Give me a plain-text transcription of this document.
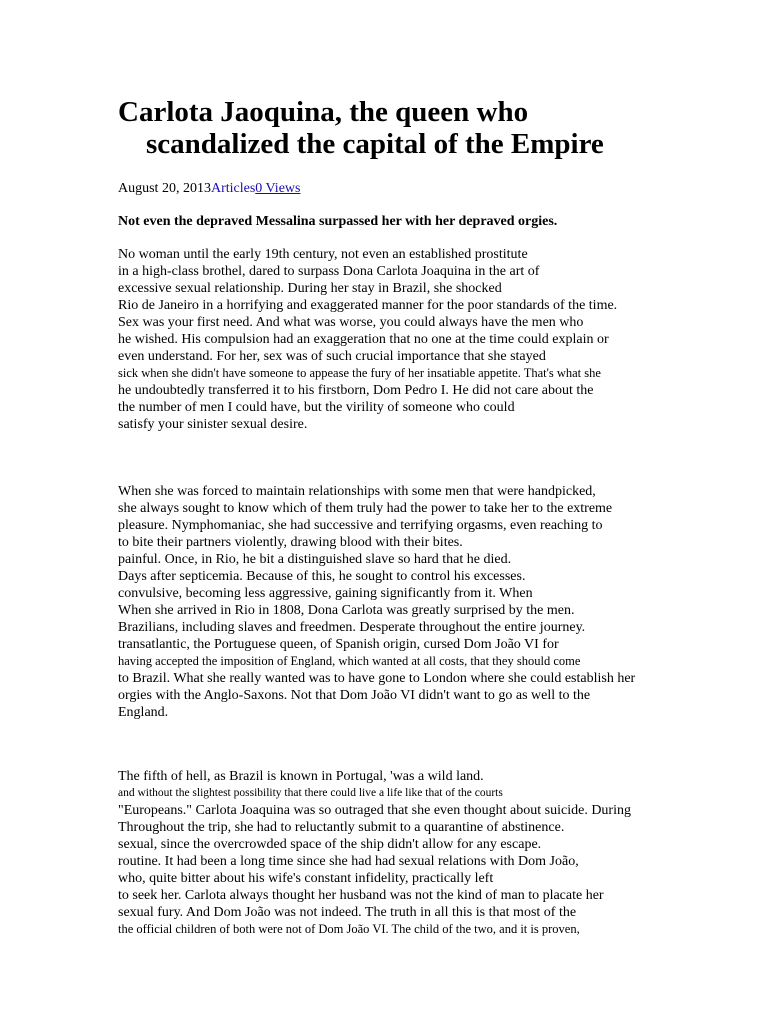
Carlota Jaoquina, the queen who
scandalized the capital of the Empire
August 20, 2013Articles0 Views
Not even the depraved Messalina surpassed her with her depraved orgies.
No woman until the early 19th century, not even an established prostitute
in a high-class brothel, dared to surpass Dona Carlota Joaquina in the art of
excessive sexual relationship. During her stay in Brazil, she shocked
Rio de Janeiro in a horrifying and exaggerated manner for the poor standards of the time.
Sex was your first need. And what was worse, you could always have the men who
he wished. His compulsion had an exaggeration that no one at the time could explain or
even understand. For her, sex was of such crucial importance that she stayed
sick when she didn't have someone to appease the fury of her insatiable appetite. That's what she
he undoubtedly transferred it to his firstborn, Dom Pedro I. He did not care about the
the number of men I could have, but the virility of someone who could
satisfy your sinister sexual desire.
When she was forced to maintain relationships with some men that were handpicked,
she always sought to know which of them truly had the power to take her to the extreme
pleasure. Nymphomaniac, she had successive and terrifying orgasms, even reaching to
to bite their partners violently, drawing blood with their bites.
painful. Once, in Rio, he bit a distinguished slave so hard that he died.
Days after septicemia. Because of this, he sought to control his excesses.
convulsive, becoming less aggressive, gaining significantly from it. When
When she arrived in Rio in 1808, Dona Carlota was greatly surprised by the men.
Brazilians, including slaves and freedmen. Desperate throughout the entire journey.
transatlantic, the Portuguese queen, of Spanish origin, cursed Dom João VI for
having accepted the imposition of England, which wanted at all costs, that they should come
to Brazil. What she really wanted was to have gone to London where she could establish her
orgies with the Anglo-Saxons. Not that Dom João VI didn't want to go as well to the
England.
The fifth of hell, as Brazil is known in Portugal, 'was a wild land.
and without the slightest possibility that there could live a life like that of the courts
"Europeans." Carlota Joaquina was so outraged that she even thought about suicide. During
Throughout the trip, she had to reluctantly submit to a quarantine of abstinence.
sexual, since the overcrowded space of the ship didn't allow for any escape.
routine. It had been a long time since she had had sexual relations with Dom João,
who, quite bitter about his wife's constant infidelity, practically left
to seek her. Carlota always thought her husband was not the kind of man to placate her
sexual fury. And Dom João was not indeed. The truth in all this is that most of the
the official children of both were not of Dom João VI. The child of the two, and it is proven,
